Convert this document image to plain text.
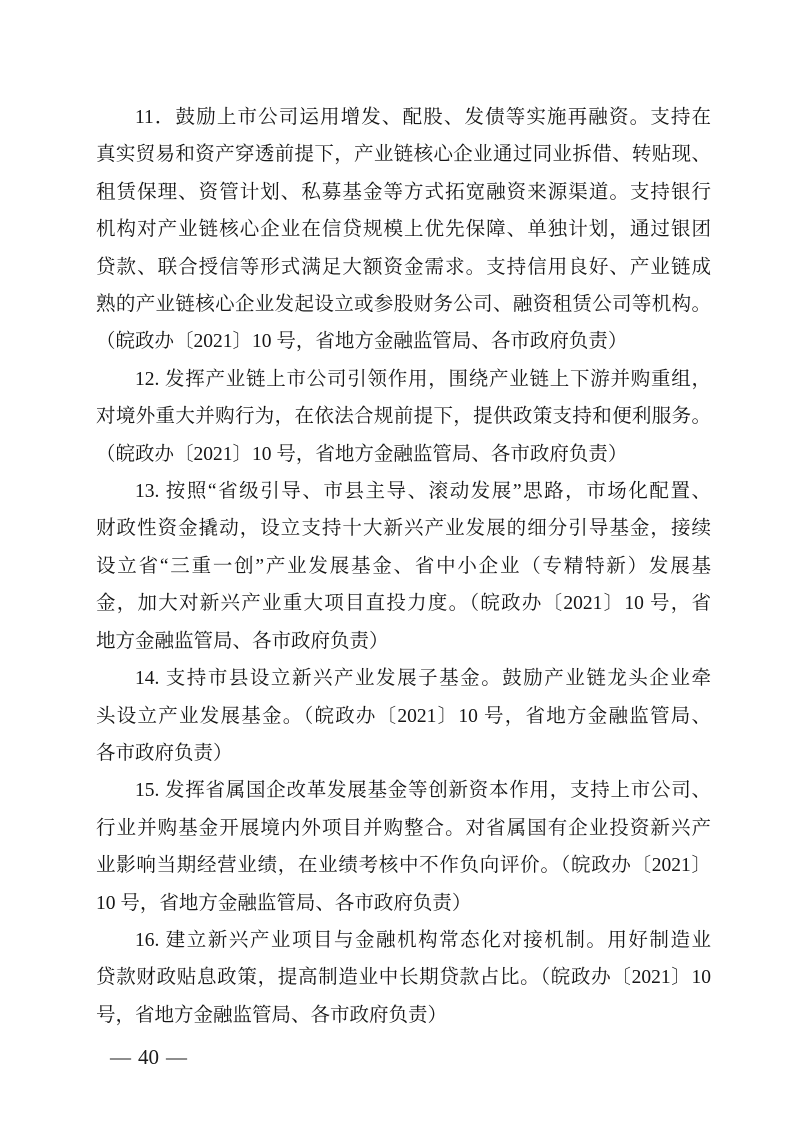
11．鼓励上市公司运用增发、配股、发债等实施再融资。支持在
真实贸易和资产穿透前提下，产业链核心企业通过同业拆借、转贴现、
租赁保理、资管计划、私募基金等方式拓宽融资来源渠道。支持银行
机构对产业链核心企业在信贷规模上优先保障、单独计划，通过银团
贷款、联合授信等形式满足大额资金需求。支持信用良好、产业链成
熟的产业链核心企业发起设立或参股财务公司、融资租赁公司等机构。
（皖政办〔2021〕10 号，省地方金融监管局、各市政府负责）

12. 发挥产业链上市公司引领作用，围绕产业链上下游并购重组，
对境外重大并购行为，在依法合规前提下，提供政策支持和便利服务。
（皖政办〔2021〕10 号，省地方金融监管局、各市政府负责）

13. 按照“省级引导、市县主导、滚动发展”思路，市场化配置、
财政性资金撬动，设立支持十大新兴产业发展的细分引导基金，接续
设立省“三重一创”产业发展基金、省中小企业（专精特新）发展基
金，加大对新兴产业重大项目直投力度。（皖政办〔2021〕10 号，省
地方金融监管局、各市政府负责）

14. 支持市县设立新兴产业发展子基金。鼓励产业链龙头企业牵
头设立产业发展基金。（皖政办〔2021〕10 号，省地方金融监管局、
各市政府负责）

15. 发挥省属国企改革发展基金等创新资本作用，支持上市公司、
行业并购基金开展境内外项目并购整合。对省属国有企业投资新兴产
业影响当期经营业绩，在业绩考核中不作负向评价。（皖政办〔2021〕
10 号，省地方金融监管局、各市政府负责）

16. 建立新兴产业项目与金融机构常态化对接机制。用好制造业
贷款财政贴息政策，提高制造业中长期贷款占比。（皖政办〔2021〕10
号，省地方金融监管局、各市政府负责）

— 40 —
